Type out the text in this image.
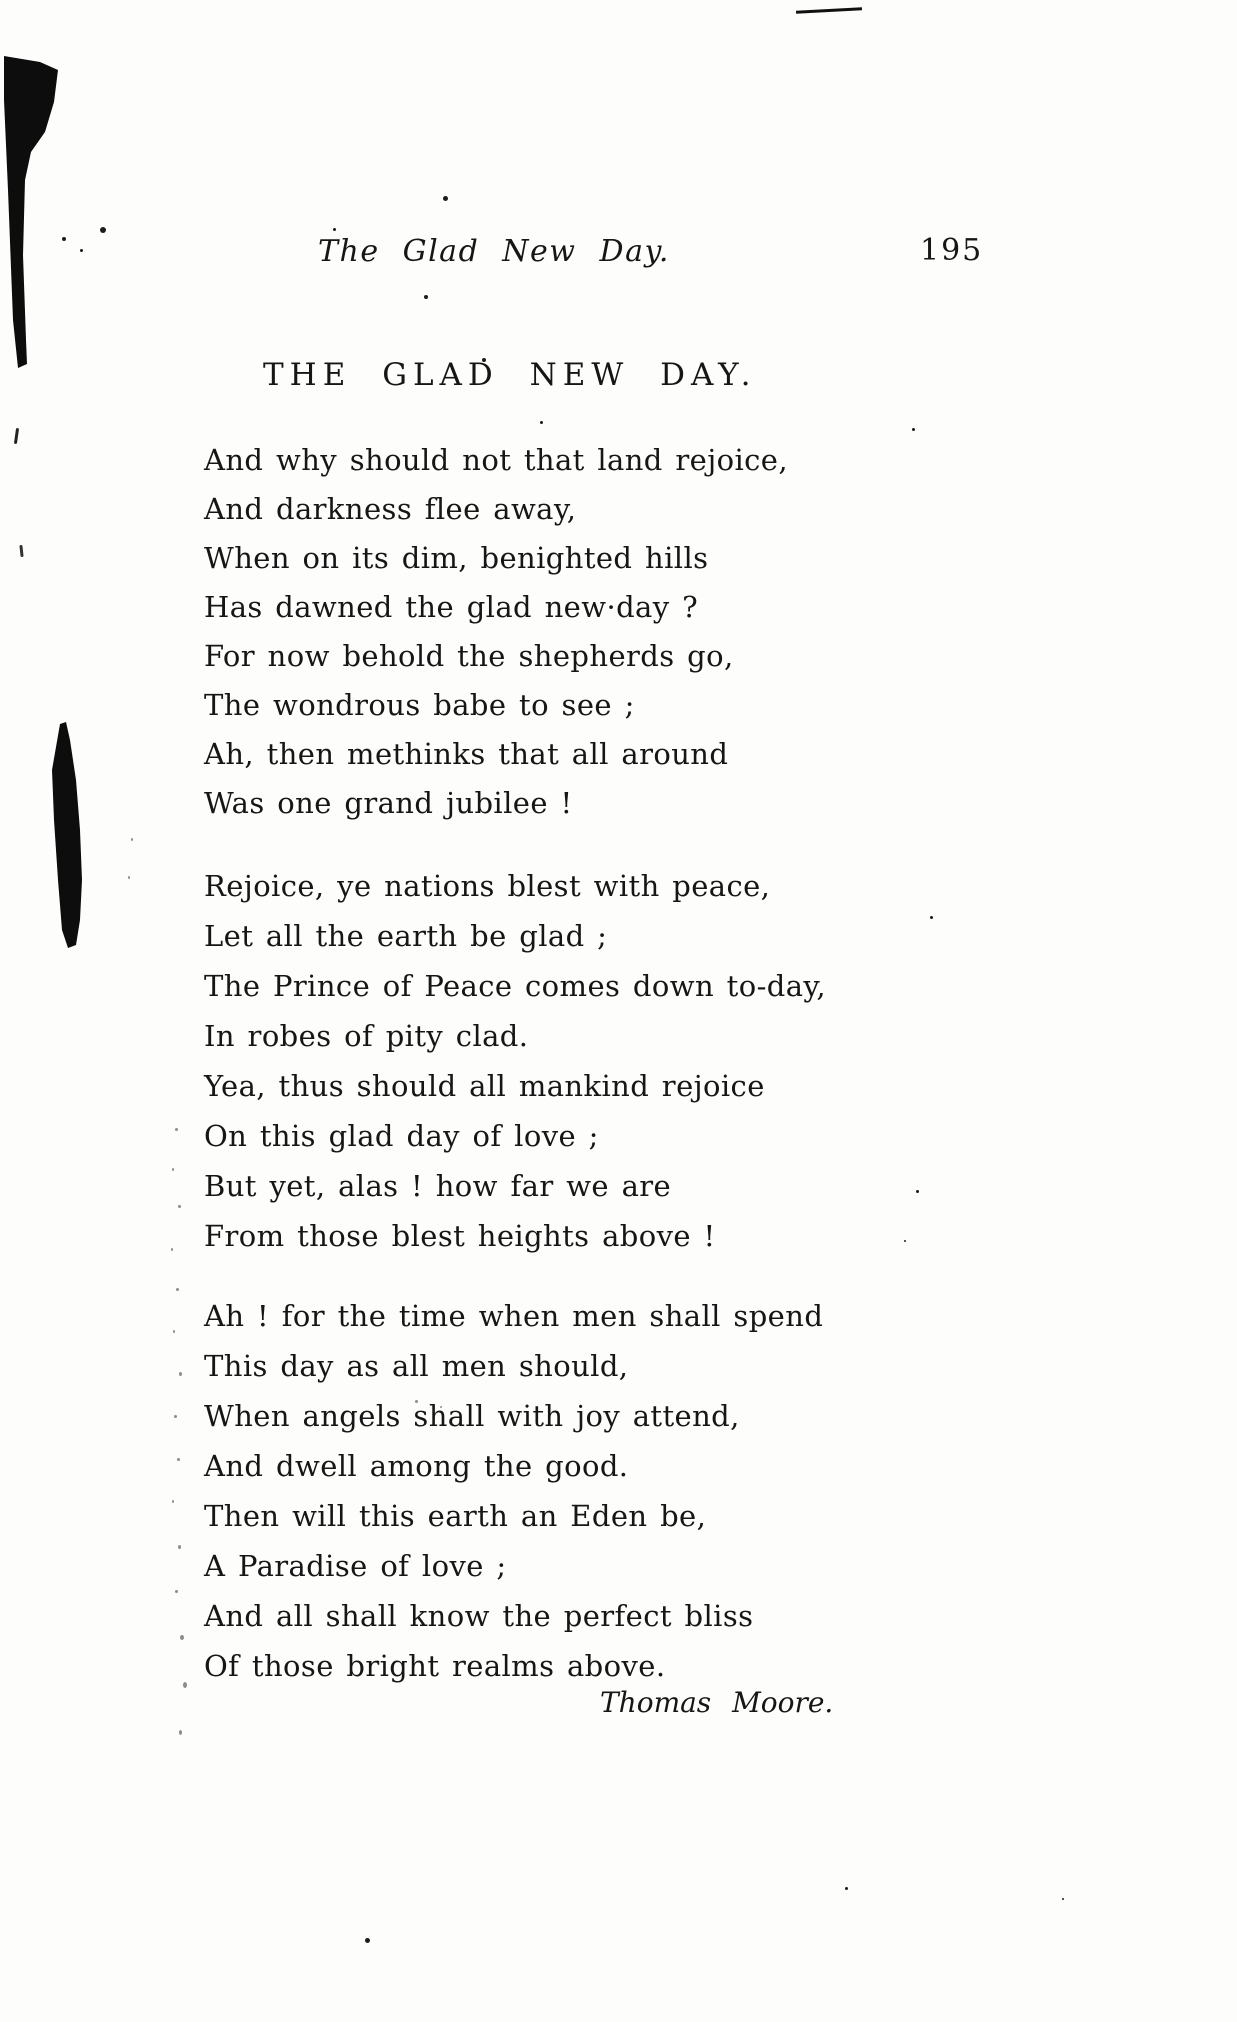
The Glad New Day.	195
THE GLAD NEW DAY.
And why should not that land rejoice,
And darkness flee away,
When on its dim, benighted hills
Has dawned the glad new·day ?
For now behold the shepherds go,
The wondrous babe to see ;
Ah, then methinks that all around
Was one grand jubilee !
Rejoice, ye nations blest with peace,
Let all the earth be glad ;
The Prince of Peace comes down to-day,
In robes of pity clad.
Yea, thus should all mankind rejoice
On this glad day of love ;
But yet, alas ! how far we are
From those blest heights above !
Ah ! for the time when men shall spend
This day as all men should,
When angels shall with joy attend,
And dwell among the good.
Then will this earth an Eden be,
A Paradise of love ;
And all shall know the perfect bliss
Of those bright realms above.
Thomas Moore.
